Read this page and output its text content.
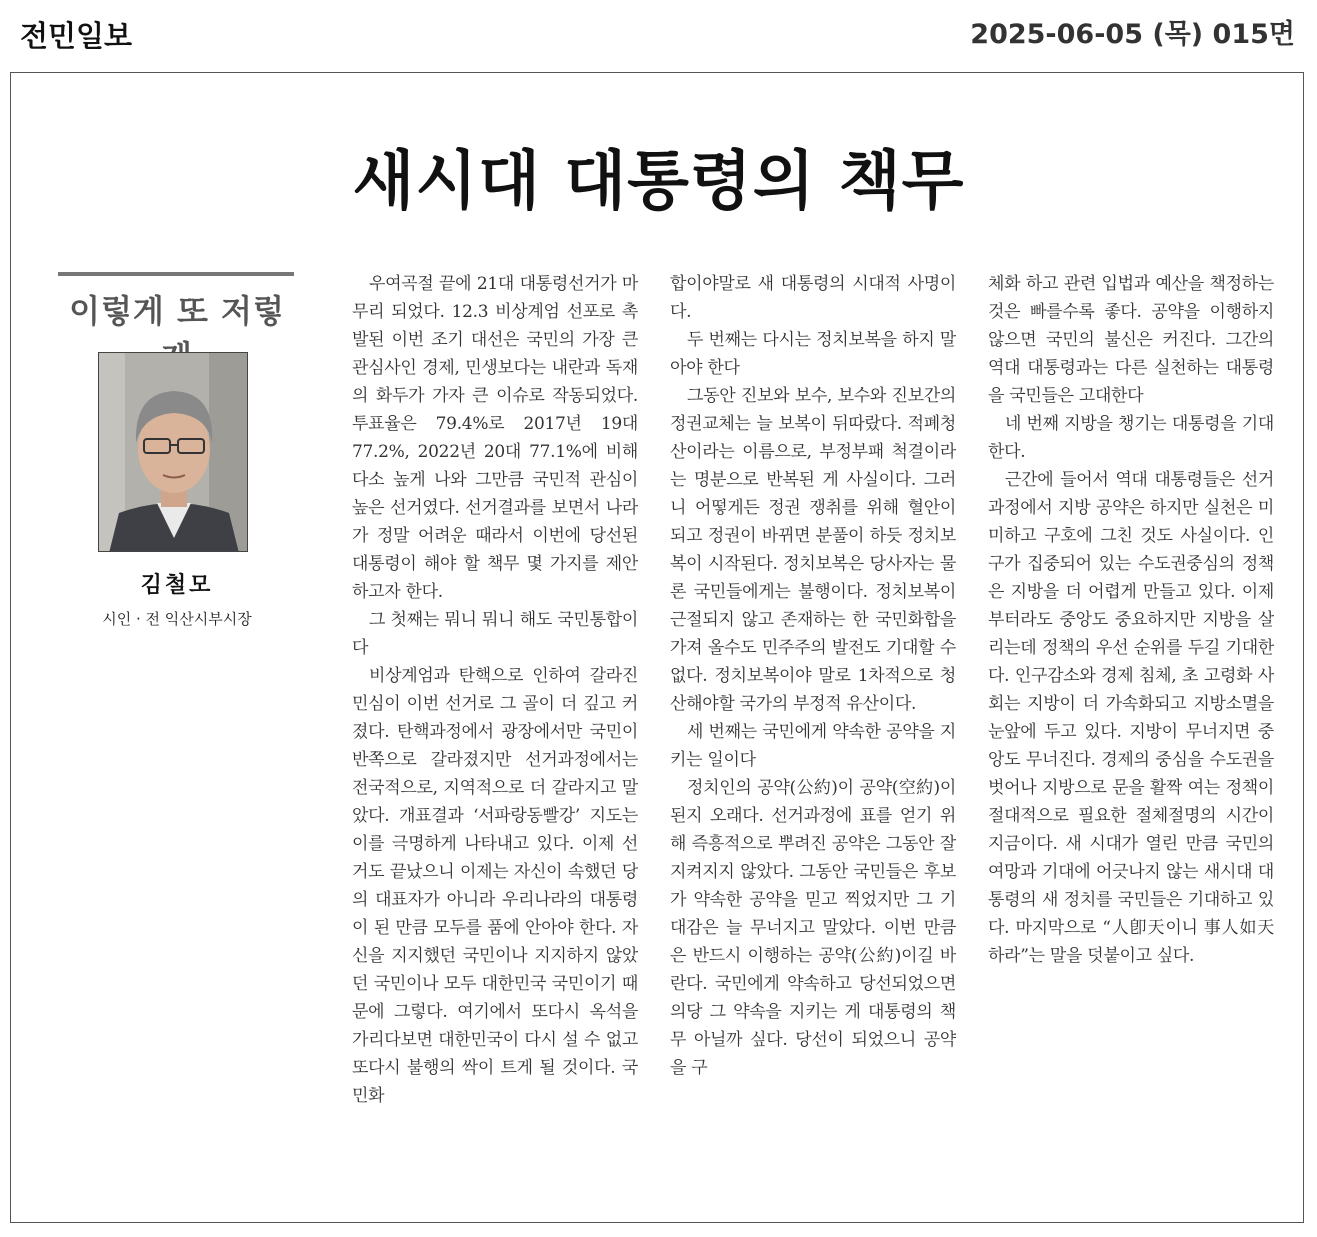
전민일보	2025-06-05 (목) 015면
새시대 대통령의 책무
이렇게 또 저렇
김철모
시인 · 전 익산시부시장

우여곡절 끝에 21대 대통령선거가 마무리 되었다. 12.3 비상계엄 선포로 촉발된 이번 조기 대선은 국민의 가장 큰 관심사인 경제, 민생보다는 내란과 독재의 화두가 가자 큰 이슈로 작동되었다. 투표율은 79.4%로 2017년 19대 77.2%, 2022년 20대 77.1%에 비해 다소 높게 나와 그만큼 국민적 관심이 높은 선거였다. 선거결과를 보면서 나라가 정말 어려운 때라서 이번에 당선된 대통령이 해야 할 책무 몇 가지를 제안하고자 한다.

그 첫째는 뭐니 뭐니 해도 국민통합이다

비상계엄과 탄핵으로 인하여 갈라진 민심이 이번 선거로 그 골이 더 깊고 커졌다. 탄핵과정에서 광장에서만 국민이 반쪽으로 갈라졌지만 선거과정에서는 전국적으로, 지역적으로 더 갈라지고 말았다. 개표결과 ‘서파랑동빨강’ 지도는 이를 극명하게 나타내고 있다. 이제 선거도 끝났으니 이제는 자신이 속했던 당의 대표자가 아니라 우리나라의 대통령이 된 만큼 모두를 품에 안아야 한다. 자신을 지지했던 국민이나 지지하지 않았던 국민이나 모두 대한민국 국민이기 때문에 그렇다. 여기에서 또다시 옥석을 가리다보면 대한민국이 다시 설 수 없고 또다시 불행의 싹이 트게 될 것이다. 국민화

합이야말로 새 대통령의 시대적 사명이다.

두 번째는 다시는 정치보복을 하지 말아야 한다

그동안 진보와 보수, 보수와 진보간의 정권교체는 늘 보복이 뒤따랐다. 적폐청산이라는 이름으로, 부정부패 척결이라는 명분으로 반복된 게 사실이다. 그러니 어떻게든 정권 쟁취를 위해 혈안이 되고 정권이 바뀌면 분풀이 하듯 정치보복이 시작된다. 정치보복은 당사자는 물론 국민들에게는 불행이다. 정치보복이 근절되지 않고 존재하는 한 국민화합을 가져 올수도 민주주의 발전도 기대할 수 없다. 정치보복이야 말로 1차적으로 청산해야할 국가의 부정적 유산이다.

세 번째는 국민에게 약속한 공약을 지키는 일이다

정치인의 공약(公約)이 공약(空約)이 된지 오래다. 선거과정에 표를 얻기 위해 즉흥적으로 뿌려진 공약은 그동안 잘 지켜지지 않았다. 그동안 국민들은 후보가 약속한 공약을 믿고 찍었지만 그 기대감은 늘 무너지고 말았다. 이번 만큼은 반드시 이행하는 공약(公約)이길 바란다. 국민에게 약속하고 당선되었으면 의당 그 약속을 지키는 게 대통령의 책무 아닐까 싶다. 당선이 되었으니 공약을 구

체화 하고 관련 입법과 예산을 책정하는 것은 빠를수록 좋다. 공약을 이행하지 않으면 국민의 불신은 커진다. 그간의 역대 대통령과는 다른 실천하는 대통령을 국민들은 고대한다

네 번째 지방을 챙기는 대통령을 기대한다.

근간에 들어서 역대 대통령들은 선거과정에서 지방 공약은 하지만 실천은 미미하고 구호에 그친 것도 사실이다. 인구가 집중되어 있는 수도권중심의 정책은 지방을 더 어렵게 만들고 있다. 이제부터라도 중앙도 중요하지만 지방을 살리는데 정책의 우선 순위를 두길 기대한다. 인구감소와 경제 침체, 초 고령화 사회는 지방이 더 가속화되고 지방소멸을 눈앞에 두고 있다. 지방이 무너지면 중앙도 무너진다. 경제의 중심을 수도권을 벗어나 지방으로 문을 활짝 여는 정책이 절대적으로 필요한 절체절명의 시간이 지금이다. 새 시대가 열린 만큼 국민의 여망과 기대에 어긋나지 않는 새시대 대통령의 새 정치를 국민들은 기대하고 있다. 마지막으로 “人卽天이니 事人如天하라”는 말을 덧붙이고 싶다.
